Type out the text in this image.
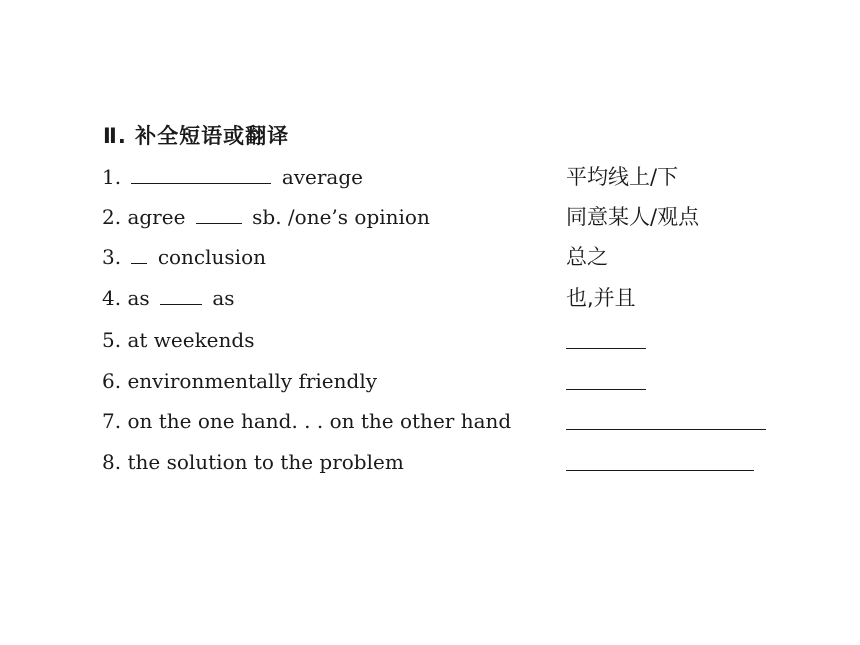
Ⅱ. 补全短语或翻译
1.	average	平均线上/下
2. agree	sb. /one’s opinion	同意某人/观点
3. conclusion	总之
4. as	as	也,并且
5. at weekends
6. environmentally friendly
7. on the one hand. . . on the other hand
8. the solution to the problem
